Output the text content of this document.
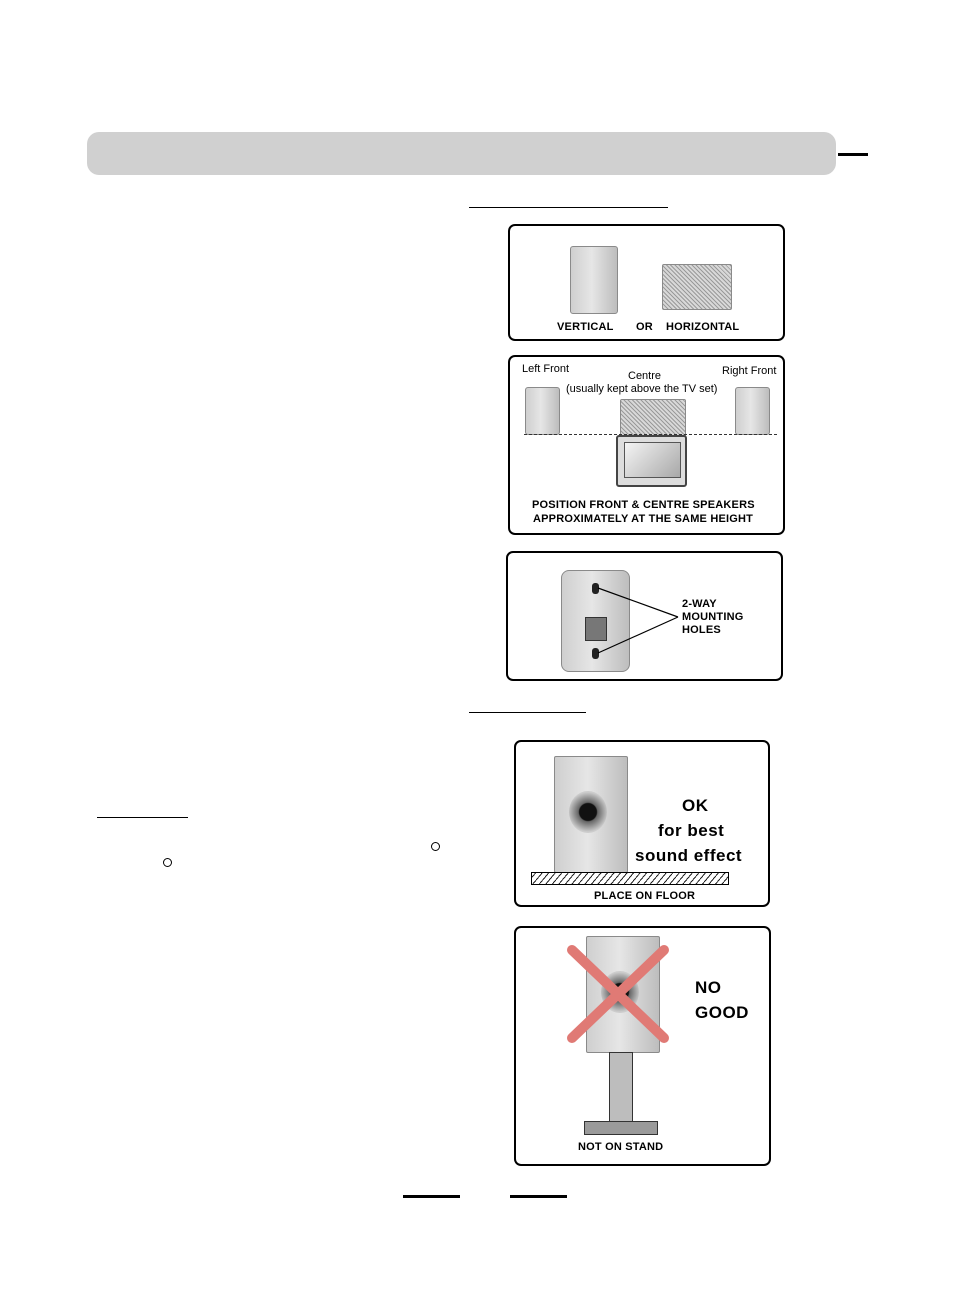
VERTICAL OR HORIZONTAL
Left Front
Centre
(usually kept above the TV set)
Right Front
POSITION FRONT & CENTRE SPEAKERS
APPROXIMATELY AT THE SAME HEIGHT
2-WAY
MOUNTING
HOLES
OK
for best
sound effect
PLACE ON FLOOR
NO
GOOD
NOT ON STAND
